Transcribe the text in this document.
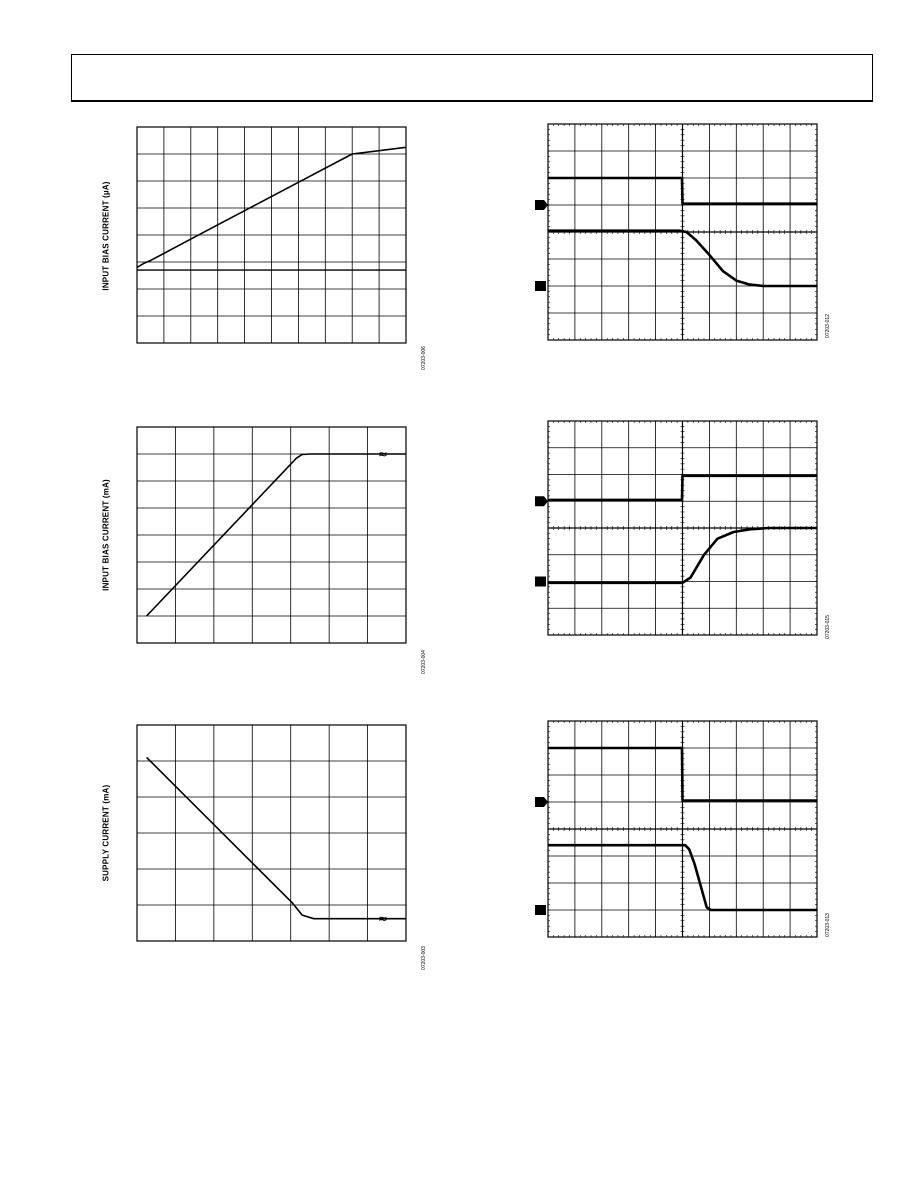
INPUT BIAS CURRENT (µA)
INPUT BIAS CURRENT (mA)
SUPPLY CURRENT (mA)
07203-006
07203-004
07203-003
07203-012
07203-015
07203-013
≈
≈
